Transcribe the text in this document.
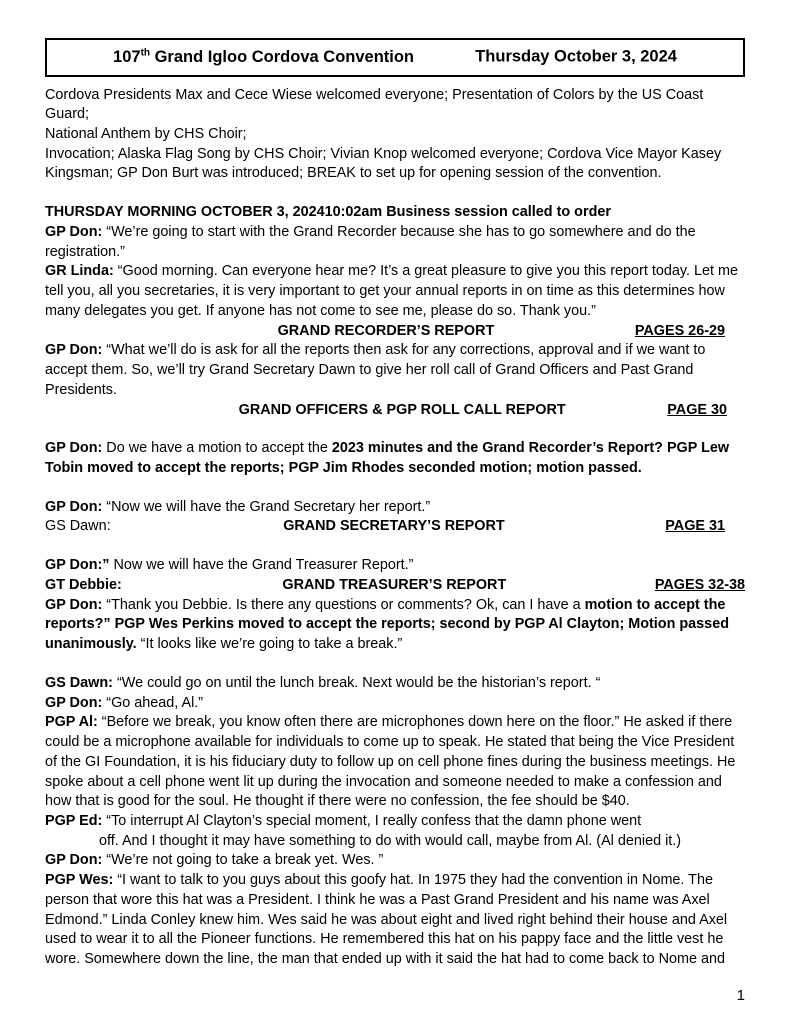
107th Grand Igloo Cordova Convention	Thursday October 3, 2024

Cordova Presidents Max and Cece Wiese welcomed everyone; Presentation of Colors by the US Coast Guard;

National Anthem by CHS Choir;

Invocation; Alaska Flag Song by CHS Choir; Vivian Knop welcomed everyone; Cordova Vice Mayor Kasey

Kingsman; GP Don Burt was introduced; BREAK to set up for opening session of the convention.

THURSDAY MORNING OCTOBER 3, 2024 10:02am Business session called to order

GP Don: “We’re going to start with the Grand Recorder because she has to go somewhere and do the registration.”

GR Linda: “Good morning. Can everyone hear me? It’s a great pleasure to give you this report today. Let me tell you, all you secretaries, it is very important to get your annual reports in on time as this determines how many delegates you get. If anyone has not come to see me, please do so. Thank you.”

GRAND RECORDER’S REPORT	PAGES 26-29

GP Don: “What we’ll do is ask for all the reports then ask for any corrections, approval and if we want to accept them. So, we’ll try Grand Secretary Dawn to give her roll call of Grand Officers and Past Grand Presidents.

GRAND OFFICERS & PGP ROLL CALL REPORT	PAGE 30

GP Don: Do we have a motion to accept the 2023 minutes and the Grand Recorder’s Report? PGP Lew Tobin moved to accept the reports; PGP Jim Rhodes seconded motion; motion passed.

GP Don: “Now we will have the Grand Secretary her report.”

GS Dawn:	GRAND SECRETARY’S REPORT	PAGE 31

GP Don:” Now we will have the Grand Treasurer Report.”

GT Debbie:	GRAND TREASURER’S REPORT	PAGES 32-38

GP Don: “Thank you Debbie. Is there any questions or comments? Ok, can I have a motion to accept the reports?” PGP Wes Perkins moved to accept the reports; second by PGP Al Clayton; Motion passed unanimously. “It looks like we’re going to take a break.”

GS Dawn: “We could go on until the lunch break. Next would be the historian’s report. “

GP Don: “Go ahead, Al.”

PGP Al: “Before we break, you know often there are microphones down here on the floor.” He asked if there could be a microphone available for individuals to come up to speak. He stated that being the Vice President of the GI Foundation, it is his fiduciary duty to follow up on cell phone fines during the business meetings. He spoke about a cell phone went lit up during the invocation and someone needed to make a confession and how that is good for the soul. He thought if there were no confession, the fee should be $40.

PGP Ed: “To interrupt Al Clayton’s special moment, I really confess that the damn phone went

off. And I thought it may have something to do with would call, maybe from Al. (Al denied it.)

GP Don: “We’re not going to take a break yet. Wes. ”

PGP Wes: “I want to talk to you guys about this goofy hat. In 1975 they had the convention in Nome. The person that wore this hat was a President. I think he was a Past Grand President and his name was Axel Edmond.” Linda Conley knew him. Wes said he was about eight and lived right behind their house and Axel used to wear it to all the Pioneer functions. He remembered this hat on his pappy face and the little vest he wore. Somewhere down the line, the man that ended up with it said the hat had to come back to Nome and

1
